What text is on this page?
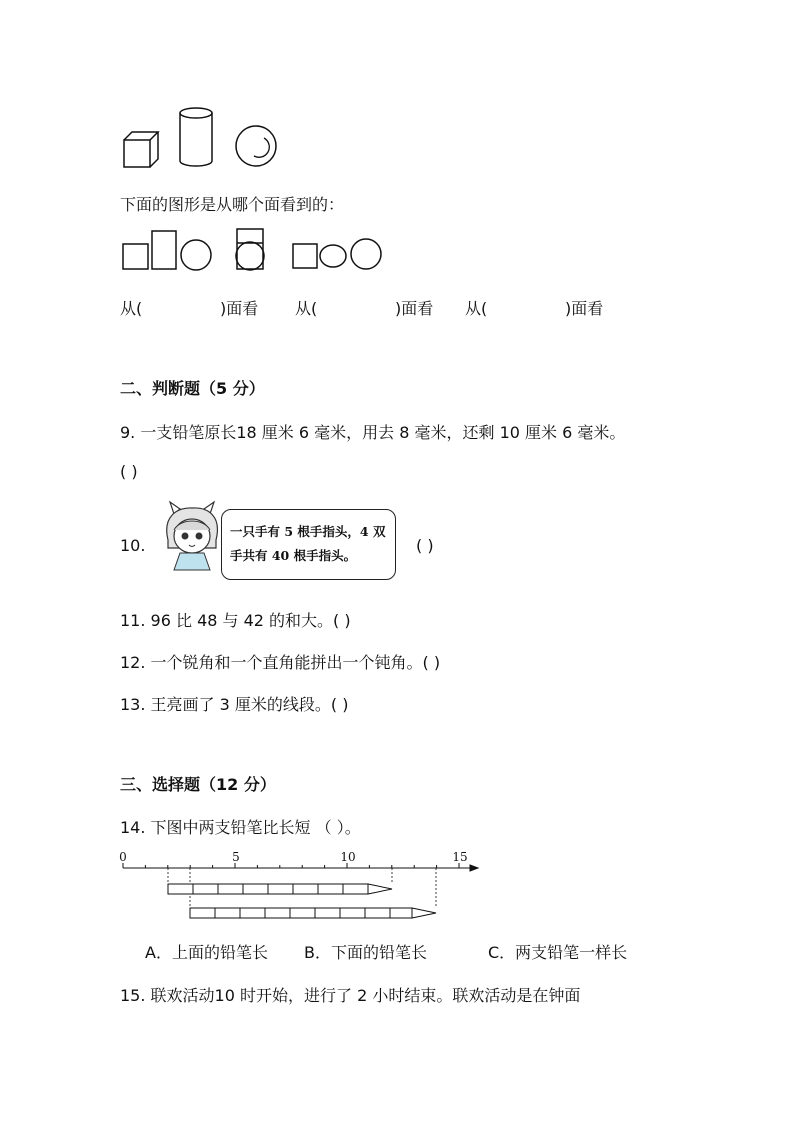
下面的图形是从哪个面看到的：
从(	)面看 从(	)面看 从(	)面看
二、判断题（5 分）
9. 一支铅笔原长18 厘米 6 毫米，用去 8 毫米，还剩 10 厘米 6 毫米。
( )
10.
一只手有 5 根手指头，4 双
手共有 40 根手指头。
( )
11. 96 比 48 与 42 的和大。( )
12. 一个锐角和一个直角能拼出一个钝角。( )
13. 王亮画了 3 厘米的线段。( )
三、选择题（12 分）
14. 下图中两支铅笔比长短 （ ）。
0	5	10	15
A．上面的铅笔长 B．下面的铅笔长	C．两支铅笔一样长
15. 联欢活动10 时开始，进行了 2 小时结束。联欢活动是在钟面
